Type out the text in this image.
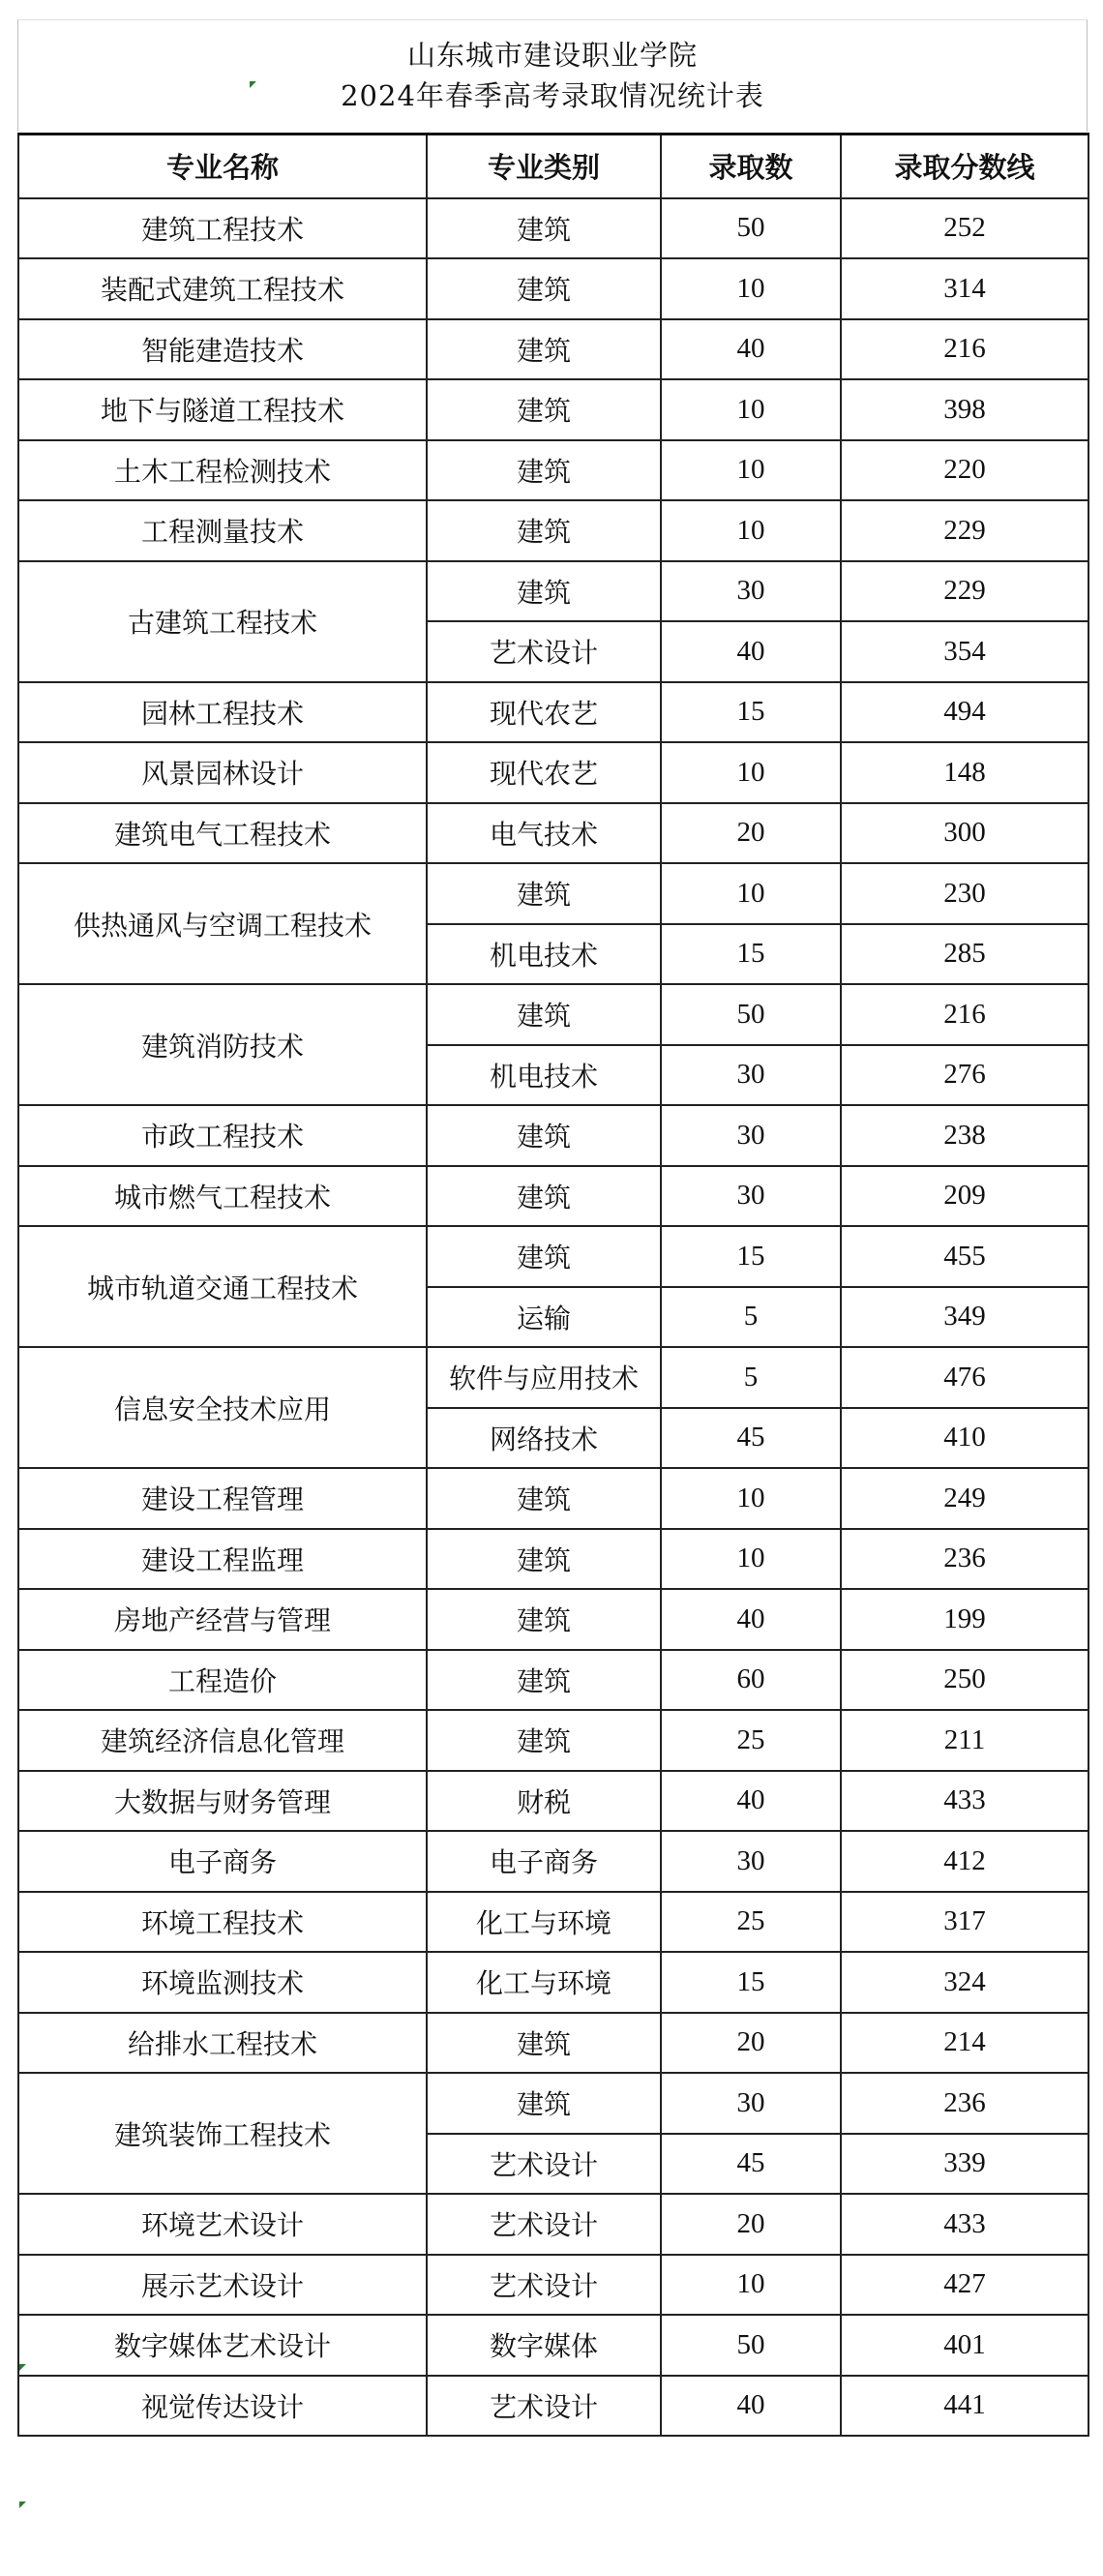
山东城市建设职业学院
2024年春季高考录取情况统计表
专业名称	专业类别	录取数	录取分数线
建筑工程技术	建筑	50	252
装配式建筑工程技术	建筑	10	314
智能建造技术	建筑	40	216
地下与隧道工程技术	建筑	10	398
土木工程检测技术	建筑	10	220
工程测量技术	建筑	10	229
古建筑工程技术	建筑	30	229
	艺术设计	40	354
园林工程技术	现代农艺	15	494
风景园林设计	现代农艺	10	148
建筑电气工程技术	电气技术	20	300
供热通风与空调工程技术	建筑	10	230
	机电技术	15	285
建筑消防技术	建筑	50	216
	机电技术	30	276
市政工程技术	建筑	30	238
城市燃气工程技术	建筑	30	209
城市轨道交通工程技术	建筑	15	455
	运输	5	349
信息安全技术应用	软件与应用技术	5	476
	网络技术	45	410
建设工程管理	建筑	10	249
建设工程监理	建筑	10	236
房地产经营与管理	建筑	40	199
工程造价	建筑	60	250
建筑经济信息化管理	建筑	25	211
大数据与财务管理	财税	40	433
电子商务	电子商务	30	412
环境工程技术	化工与环境	25	317
环境监测技术	化工与环境	15	324
给排水工程技术	建筑	20	214
建筑装饰工程技术	建筑	30	236
	艺术设计	45	339
环境艺术设计	艺术设计	20	433
展示艺术设计	艺术设计	10	427
数字媒体艺术设计	数字媒体	50	401
视觉传达设计	艺术设计	40	441
